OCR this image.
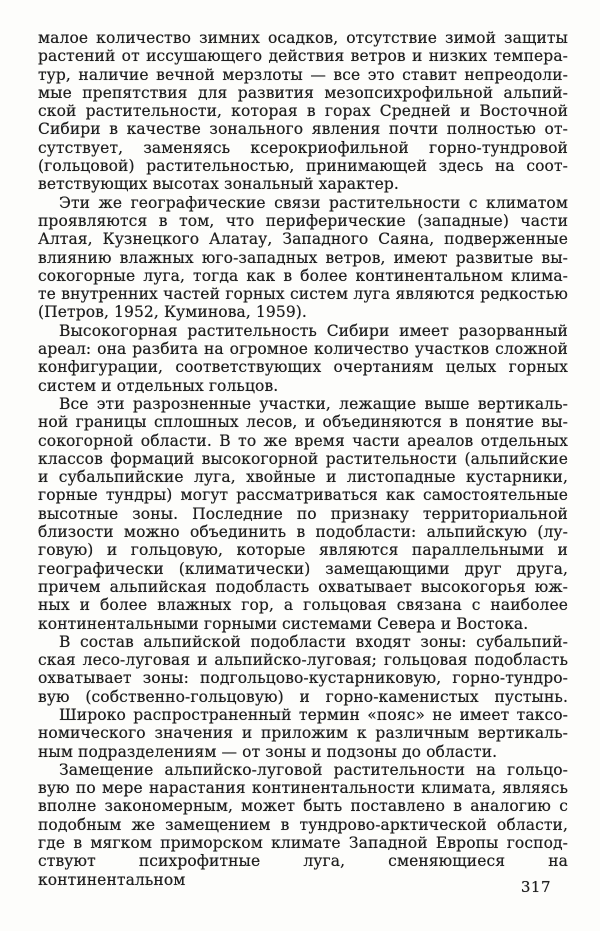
малое количество зимних осадков, отсутствие зимой защиты
растений от иссушающего действия ветров и низких темпера-
тур, наличие вечной мерзлоты — все это ставит непреодоли-
мые препятствия для развития мезопсихрофильной альпий-
ской растительности, которая в горах Средней и Восточной
Сибири в качестве зонального явления почти полностью от-
сутствует, заменяясь ксерокриофильной горно-тундровой
(гольцовой) растительностью, принимающей здесь на соот-
ветствующих высотах зональный характер.
Эти же географические связи растительности с климатом
проявляются в том, что периферические (западные) части
Алтая, Кузнецкого Алатау, Западного Саяна, подверженные
влиянию влажных юго-западных ветров, имеют развитые вы-
сокогорные луга, тогда как в более континентальном клима-
те внутренних частей горных систем луга являются редкостью
(Петров, 1952, Куминова, 1959).
Высокогорная растительность Сибири имеет разорванный
ареал: она разбита на огромное количество участков сложной
конфигурации, соответствующих очертаниям целых горных
систем и отдельных гольцов.
Все эти разрозненные участки, лежащие выше вертикаль-
ной границы сплошных лесов, и объединяются в понятие вы-
сокогорной области. В то же время части ареалов отдельных
классов формаций высокогорной растительности (альпийские
и субальпийские луга, хвойные и листопадные кустарники,
горные тундры) могут рассматриваться как самостоятельные
высотные зоны. Последние по признаку территориальной
близости можно объединить в подобласти: альпийскую (лу-
говую) и гольцовую, которые являются параллельными и
географически (климатически) замещающими друг друга,
причем альпийская подобласть охватывает высокогорья юж-
ных и более влажных гор, а гольцовая связана с наиболее
континентальными горными системами Севера и Востока.
В состав альпийской подобласти входят зоны: субальпий-
ская лесо-луговая и альпийско-луговая; гольцовая подобласть
охватывает зоны: подгольцово-кустарниковую, горно-тундро-
вую (собственно-гольцовую) и горно-каменистых пустынь.
Широко распространенный термин «пояс» не имеет таксо-
номического значения и приложим к различным вертикаль-
ным подразделениям — от зоны и подзоны до области.
Замещение альпийско-луговой растительности на гольцо-
вую по мере нарастания континентальности климата, являясь
вполне закономерным, может быть поставлено в аналогию с
подобным же замещением в тундрово-арктической области,
где в мягком приморском климате Западной Европы господ-
ствуют психрофитные луга, сменяющиеся на континентальном	317
